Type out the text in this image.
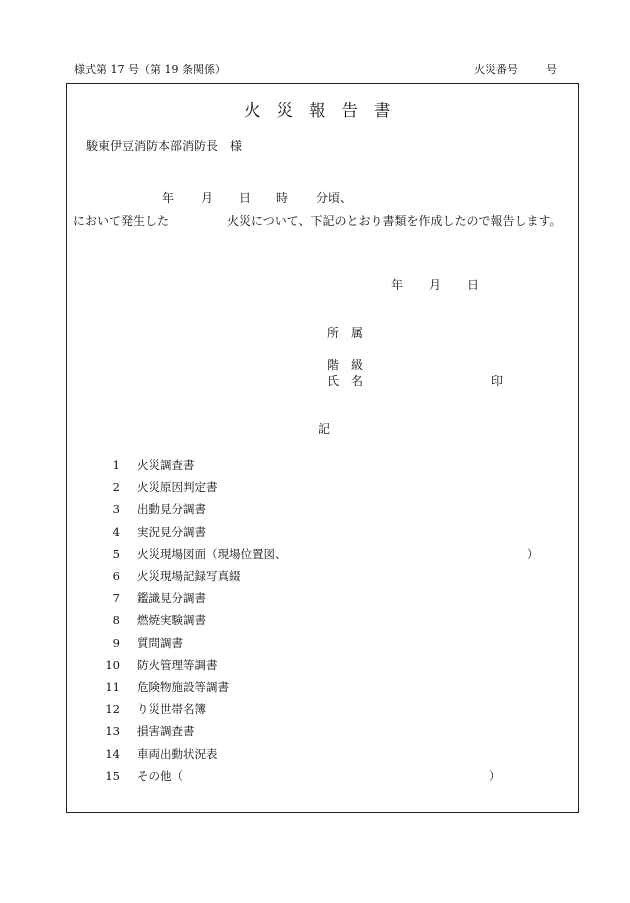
様式第 17 号（第 19 条関係）	火災番号	号
火災報告書
駿東伊豆消防本部消防長　様
年 月 日 時 分頃、
において発生した	火災について、下記のとおり書類を作成したので報告します。
年 月 日
所　属
階　級
氏　名	印
記
1 火災調査書
2 火災原因判定書
3 出動見分調書
4 実況見分調書
5 火災現場図面（現場位置図、	）
6 火災現場記録写真綴
7 鑑識見分調書
8 燃焼実験調書
9 質問調書
10 防火管理等調書
11 危険物施設等調書
12 り災世帯名簿
13 損害調査書
14 車両出動状況表
15 その他（	）
